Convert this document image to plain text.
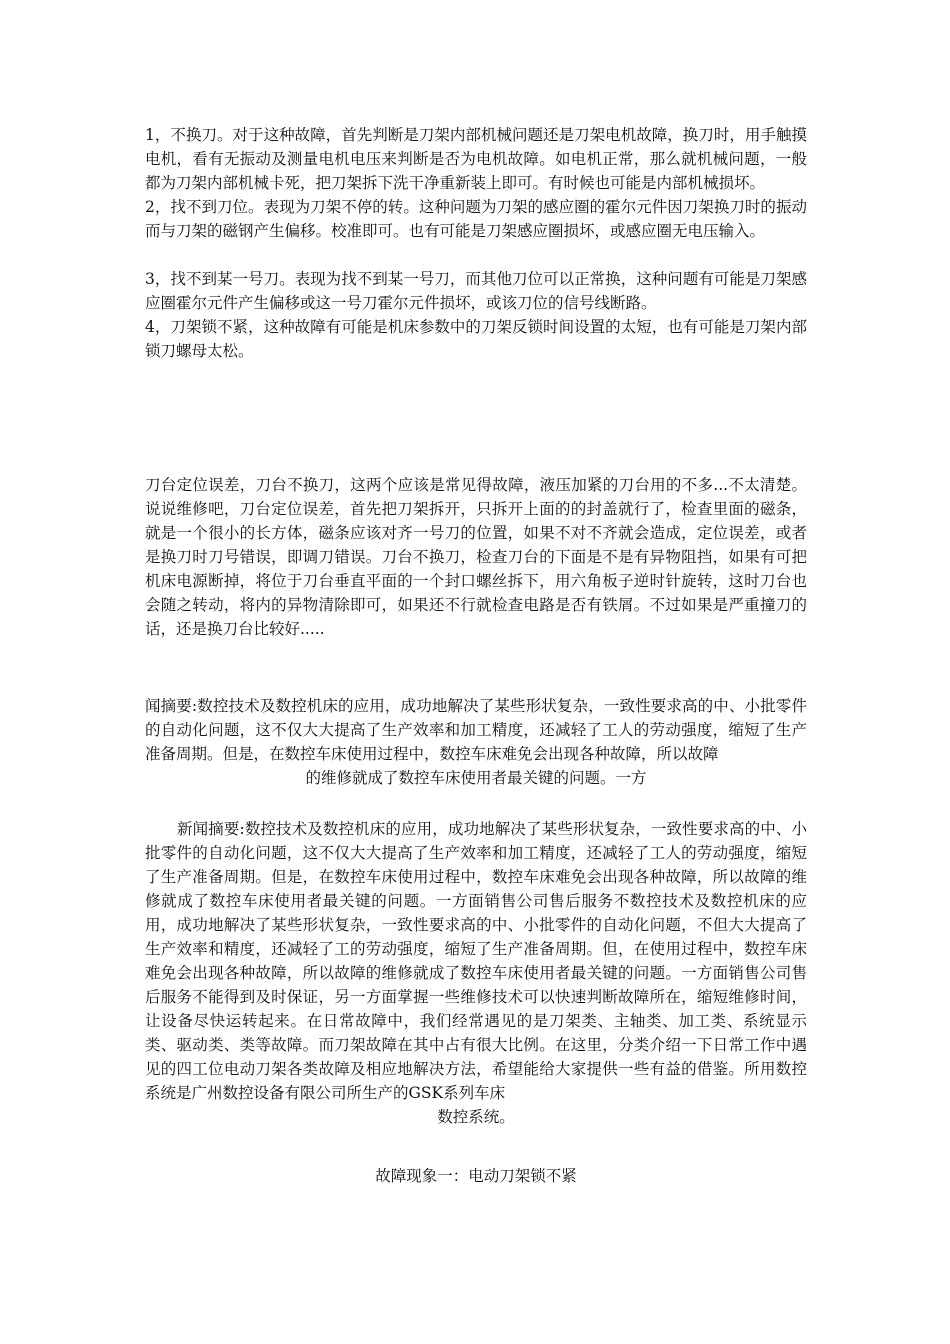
1，不换刀。对于这种故障，首先判断是刀架内部机械问题还是刀架电机故障，换刀时，用手触摸电机，看有无振动及测量电机电压来判断是否为电机故障。如电机正常，那么就机械问题，一般都为刀架内部机械卡死，把刀架拆下洗干净重新装上即可。有时候也可能是内部机械损坏。

2，找不到刀位。表现为刀架不停的转。这种问题为刀架的感应圈的霍尔元件因刀架换刀时的振动而与刀架的磁钢产生偏移。校准即可。也有可能是刀架感应圈损坏，或感应圈无电压输入。

3，找不到某一号刀。表现为找不到某一号刀，而其他刀位可以正常换，这种问题有可能是刀架感应圈霍尔元件产生偏移或这一号刀霍尔元件损坏，或该刀位的信号线断路。

4，刀架锁不紧，这种故障有可能是机床参数中的刀架反锁时间设置的太短，也有可能是刀架内部锁刀螺母太松。

刀台定位误差，刀台不换刀，这两个应该是常见得故障，液压加紧的刀台用的不多...不太清楚。说说维修吧，刀台定位误差，首先把刀架拆开，只拆开上面的的封盖就行了，检查里面的磁条，就是一个很小的长方体，磁条应该对齐一号刀的位置，如果不对不齐就会造成，定位误差，或者是换刀时刀号错误，即调刀错误。刀台不换刀，检查刀台的下面是不是有异物阻挡，如果有可把机床电源断掉，将位于刀台垂直平面的一个封口螺丝拆下，用六角板子逆时针旋转，这时刀台也会随之转动，将内的异物清除即可，如果还不行就检查电路是否有铁屑。不过如果是严重撞刀的话，还是换刀台比较好.....

闻摘要:数控技术及数控机床的应用，成功地解决了某些形状复杂，一致性要求高的中、小批零件的自动化问题，这不仅大大提高了生产效率和加工精度，还减轻了工人的劳动强度，缩短了生产准备周期。但是，在数控车床使用过程中，数控车床难免会出现各种故障，所以故障

的维修就成了数控车床使用者最关键的问题。一方

新闻摘要:数控技术及数控机床的应用，成功地解决了某些形状复杂，一致性要求高的中、小批零件的自动化问题，这不仅大大提高了生产效率和加工精度，还减轻了工人的劳动强度，缩短了生产准备周期。但是，在数控车床使用过程中，数控车床难免会出现各种故障，所以故障的维修就成了数控车床使用者最关键的问题。一方面销售公司售后服务不数控技术及数控机床的应用，成功地解决了某些形状复杂，一致性要求高的中、小批零件的自动化问题，不但大大提高了生产效率和精度，还减轻了工的劳动强度，缩短了生产准备周期。但，在使用过程中，数控车床难免会出现各种故障，所以故障的维修就成了数控车床使用者最关键的问题。一方面销售公司售后服务不能得到及时保证，另一方面掌握一些维修技术可以快速判断故障所在，缩短维修时间，让设备尽快运转起来。在日常故障中，我们经常遇见的是刀架类、主轴类、加工类、系统显示类、驱动类、类等故障。而刀架故障在其中占有很大比例。在这里，分类介绍一下日常工作中遇见的四工位电动刀架各类故障及相应地解决方法，希望能给大家提供一些有益的借鉴。所用数控系统是广州数控设备有限公司所生产的GSK系列车床

数控系统。

故障现象一：电动刀架锁不紧
